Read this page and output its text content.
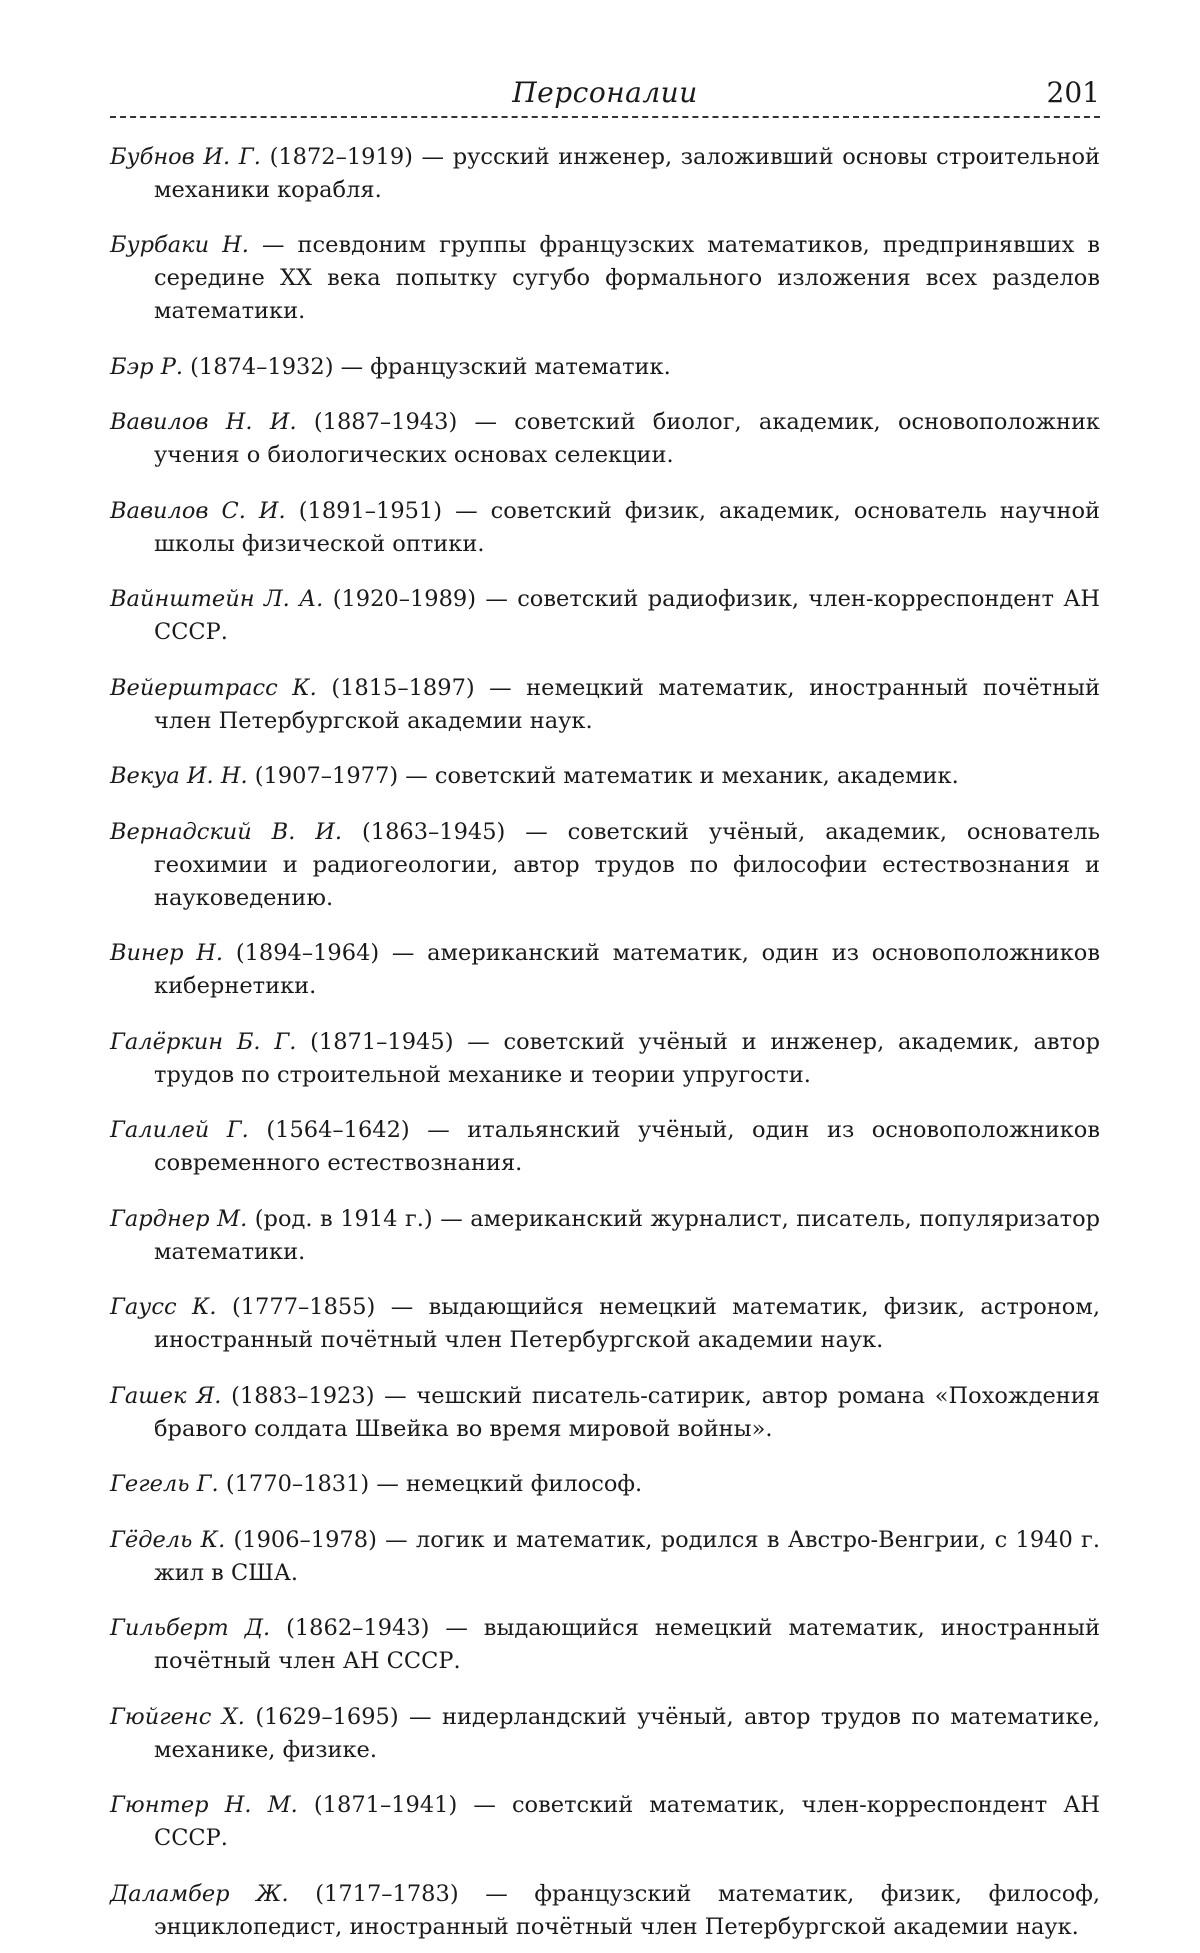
Персоналии	201

Бубнов И. Г. (1872–1919) — русский инженер, заложивший основы строительной механики корабля.

Бурбаки Н. — псевдоним группы французских математиков, предпринявших в середине XX века попытку сугубо формального изложения всех разделов математики.

Бэр Р. (1874–1932) — французский математик.

Вавилов Н. И. (1887–1943) — советский биолог, академик, основоположник учения о биологических основах селекции.

Вавилов С. И. (1891–1951) — советский физик, академик, основатель научной школы физической оптики.

Вайнштейн Л. А. (1920–1989) — советский радиофизик, член-корреспондент АН СССР.

Вейерштрасс К. (1815–1897) — немецкий математик, иностранный почётный член Петербургской академии наук.

Векуа И. Н. (1907–1977) — советский математик и механик, академик.

Вернадский В. И. (1863–1945) — советский учёный, академик, основатель геохимии и радиогеологии, автор трудов по философии естествознания и науковедению.

Винер Н. (1894–1964) — американский математик, один из основоположников кибернетики.

Галёркин Б. Г. (1871–1945) — советский учёный и инженер, академик, автор трудов по строительной механике и теории упругости.

Галилей Г. (1564–1642) — итальянский учёный, один из основоположников современного естествознания.

Гарднер М. (род. в 1914 г.) — американский журналист, писатель, популяризатор математики.

Гаусс К. (1777–1855) — выдающийся немецкий математик, физик, астроном, иностранный почётный член Петербургской академии наук.

Гашек Я. (1883–1923) — чешский писатель-сатирик, автор романа «Похождения бравого солдата Швейка во время мировой войны».

Гегель Г. (1770–1831) — немецкий философ.

Гёдель К. (1906–1978) — логик и математик, родился в Австро-Венгрии, с 1940 г. жил в США.

Гильберт Д. (1862–1943) — выдающийся немецкий математик, иностранный почётный член АН СССР.

Гюйгенс Х. (1629–1695) — нидерландский учёный, автор трудов по математике, механике, физике.

Гюнтер Н. М. (1871–1941) — советский математик, член-корреспондент АН СССР.

Даламбер Ж. (1717–1783) — французский математик, физик, философ, энциклопедист, иностранный почётный член Петербургской академии наук.
